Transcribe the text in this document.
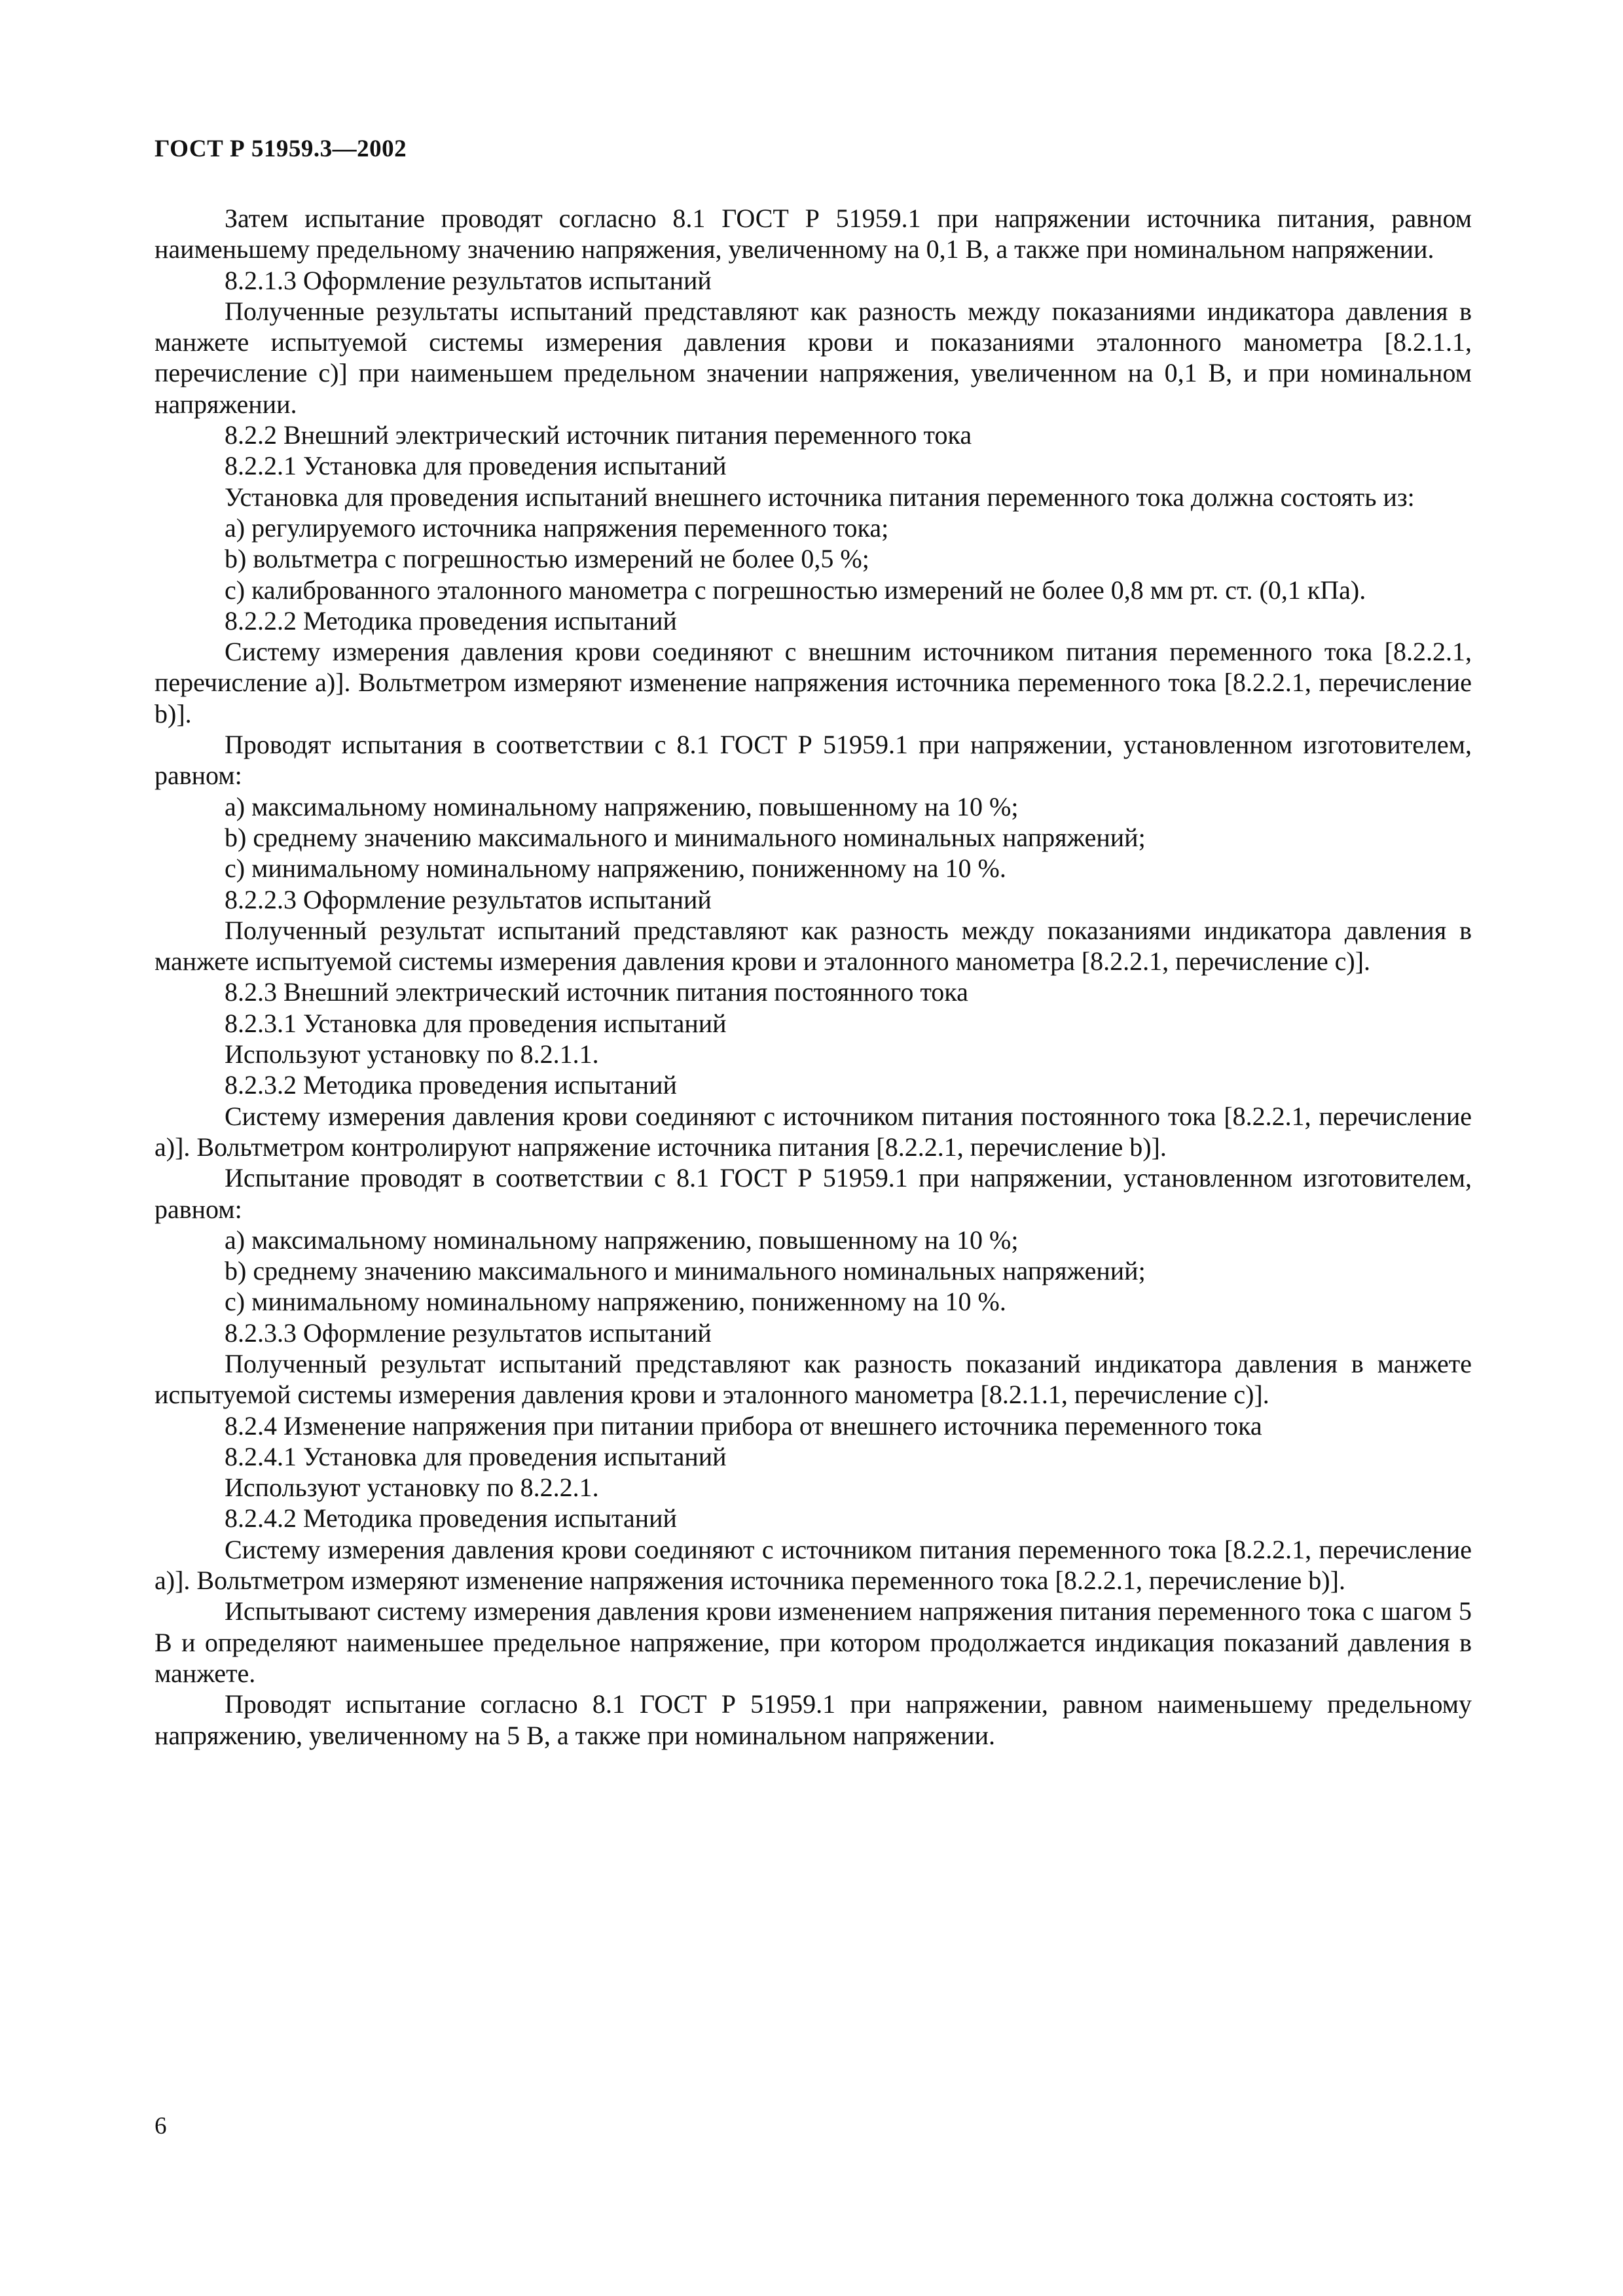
ГОСТ Р 51959.3—2002

Затем испытание проводят согласно 8.1 ГОСТ Р 51959.1 при напряжении источника питания, равном наименьшему предельному значению напряжения, увеличенному на 0,1 В, а также при номинальном напряжении.

8.2.1.3 Оформление результатов испытаний

Полученные результаты испытаний представляют как разность между показаниями индикатора давления в манжете испытуемой системы измерения давления крови и показаниями эталонного манометра [8.2.1.1, перечисление с)] при наименьшем предельном значении напряжения, увеличенном на 0,1 В, и при номинальном напряжении.

8.2.2 Внешний электрический источник питания переменного тока

8.2.2.1 Установка для проведения испытаний

Установка для проведения испытаний внешнего источника питания переменного тока должна состоять из:

a) регулируемого источника напряжения переменного тока;

b) вольтметра с погрешностью измерений не более 0,5 %;

c) калиброванного эталонного манометра с погрешностью измерений не более 0,8 мм рт. ст. (0,1 кПа).

8.2.2.2 Методика проведения испытаний

Систему измерения давления крови соединяют с внешним источником питания переменного тока [8.2.2.1, перечисление а)]. Вольтметром измеряют изменение напряжения источника переменного тока [8.2.2.1, перечисление b)].

Проводят испытания в соответствии с 8.1 ГОСТ Р 51959.1 при напряжении, установленном изготовителем, равном:

a) максимальному номинальному напряжению, повышенному на 10 %;

b) среднему значению максимального и минимального номинальных напряжений;

c) минимальному номинальному напряжению, пониженному на 10 %.

8.2.2.3 Оформление результатов испытаний

Полученный результат испытаний представляют как разность между показаниями индикатора давления в манжете испытуемой системы измерения давления крови и эталонного манометра [8.2.2.1, перечисление с)].

8.2.3 Внешний электрический источник питания постоянного тока

8.2.3.1 Установка для проведения испытаний

Используют установку по 8.2.1.1.

8.2.3.2 Методика проведения испытаний

Систему измерения давления крови соединяют с источником питания постоянного тока [8.2.2.1, перечисление а)]. Вольтметром контролируют напряжение источника питания [8.2.2.1, перечисление b)].

Испытание проводят в соответствии с 8.1 ГОСТ Р 51959.1 при напряжении, установленном изготовителем, равном:

a) максимальному номинальному напряжению, повышенному на 10 %;

b) среднему значению максимального и минимального номинальных напряжений;

c) минимальному номинальному напряжению, пониженному на 10 %.

8.2.3.3 Оформление результатов испытаний

Полученный результат испытаний представляют как разность показаний индикатора давления в манжете испытуемой системы измерения давления крови и эталонного манометра [8.2.1.1, перечисление с)].

8.2.4 Изменение напряжения при питании прибора от внешнего источника переменного тока

8.2.4.1 Установка для проведения испытаний

Используют установку по 8.2.2.1.

8.2.4.2 Методика проведения испытаний

Систему измерения давления крови соединяют с источником питания переменного тока [8.2.2.1, перечисление а)]. Вольтметром измеряют изменение напряжения источника переменного тока [8.2.2.1, перечисление b)].

Испытывают систему измерения давления крови изменением напряжения питания переменного тока с шагом 5 В и определяют наименьшее предельное напряжение, при котором продолжается индикация показаний давления в манжете.

Проводят испытание согласно 8.1 ГОСТ Р 51959.1 при напряжении, равном наименьшему предельному напряжению, увеличенному на 5 В, а также при номинальном напряжении.

6
